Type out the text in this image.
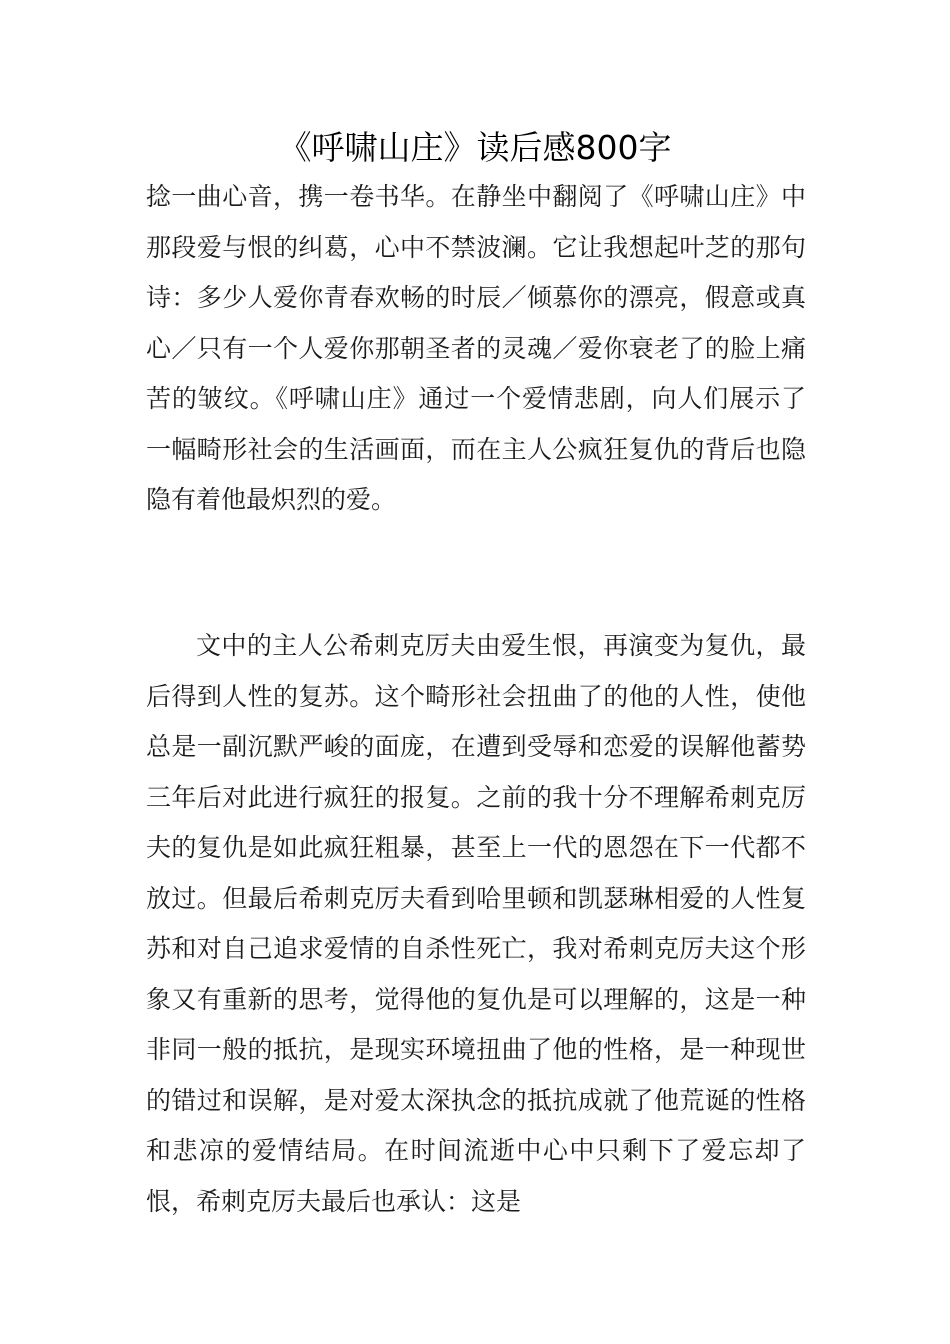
《呼啸山庄》读后感800字

捻一曲心音，携一卷书华。在静坐中翻阅了《呼啸山庄》中那段爱与恨的纠葛，心中不禁波澜。它让我想起叶芝的那句诗：多少人爱你青春欢畅的时辰／倾慕你的漂亮，假意或真心／只有一个人爱你那朝圣者的灵魂／爱你衰老了的脸上痛苦的皱纹。《呼啸山庄》通过一个爱情悲剧，向人们展示了一幅畸形社会的生活画面，而在主人公疯狂复仇的背后也隐隐有着他最炽烈的爱。

文中的主人公希刺克厉夫由爱生恨，再演变为复仇，最后得到人性的复苏。这个畸形社会扭曲了的他的人性，使他总是一副沉默严峻的面庞，在遭到受辱和恋爱的误解他蓄势三年后对此进行疯狂的报复。之前的我十分不理解希刺克厉夫的复仇是如此疯狂粗暴，甚至上一代的恩怨在下一代都不放过。但最后希刺克厉夫看到哈里顿和凯瑟琳相爱的人性复苏和对自己追求爱情的自杀性死亡，我对希刺克厉夫这个形象又有重新的思考，觉得他的复仇是可以理解的，这是一种非同一般的抵抗，是现实环境扭曲了他的性格，是一种现世的错过和误解，是对爱太深执念的抵抗成就了他荒诞的性格和悲凉的爱情结局。在时间流逝中心中只剩下了爱忘却了恨，希刺克厉夫最后也承认：这是
